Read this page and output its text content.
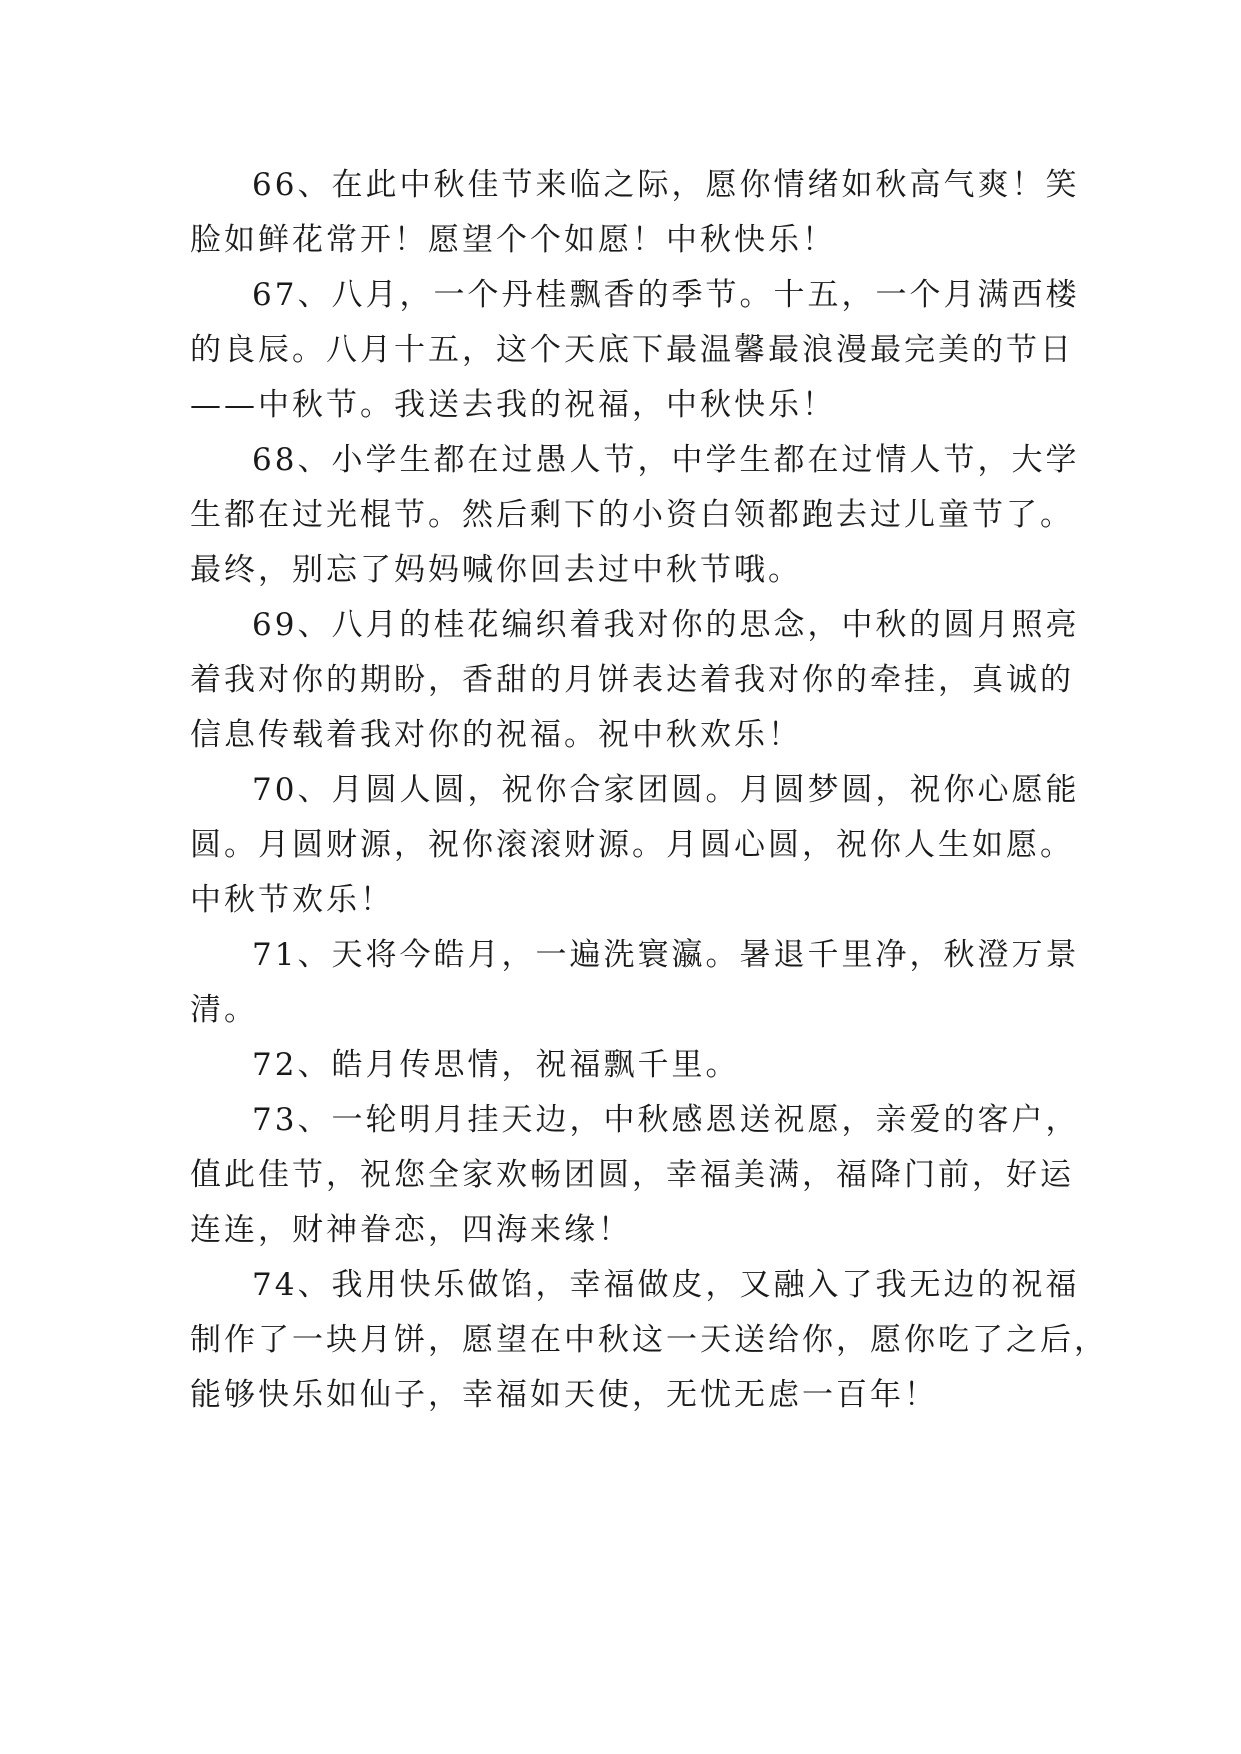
66、在此中秋佳节来临之际，愿你情绪如秋高气爽！笑
脸如鲜花常开！愿望个个如愿！中秋快乐！

67、八月，一个丹桂飘香的季节。十五，一个月满西楼
的良辰。八月十五，这个天底下最温馨最浪漫最完美的节日
——中秋节。我送去我的祝福，中秋快乐！

68、小学生都在过愚人节，中学生都在过情人节，大学
生都在过光棍节。然后剩下的小资白领都跑去过儿童节了。
最终，别忘了妈妈喊你回去过中秋节哦。

69、八月的桂花编织着我对你的思念，中秋的圆月照亮
着我对你的期盼，香甜的月饼表达着我对你的牵挂，真诚的
信息传载着我对你的祝福。祝中秋欢乐！

70、月圆人圆，祝你合家团圆。月圆梦圆，祝你心愿能
圆。月圆财源，祝你滚滚财源。月圆心圆，祝你人生如愿。
中秋节欢乐！

71、天将今皓月，一遍洗寰瀛。暑退千里净，秋澄万景
清。

72、皓月传思情，祝福飘千里。

73、一轮明月挂天边，中秋感恩送祝愿，亲爱的客户，
值此佳节，祝您全家欢畅团圆，幸福美满，福降门前，好运
连连，财神眷恋，四海来缘！

74、我用快乐做馅，幸福做皮，又融入了我无边的祝福
制作了一块月饼，愿望在中秋这一天送给你，愿你吃了之后，
能够快乐如仙子，幸福如天使，无忧无虑一百年！
